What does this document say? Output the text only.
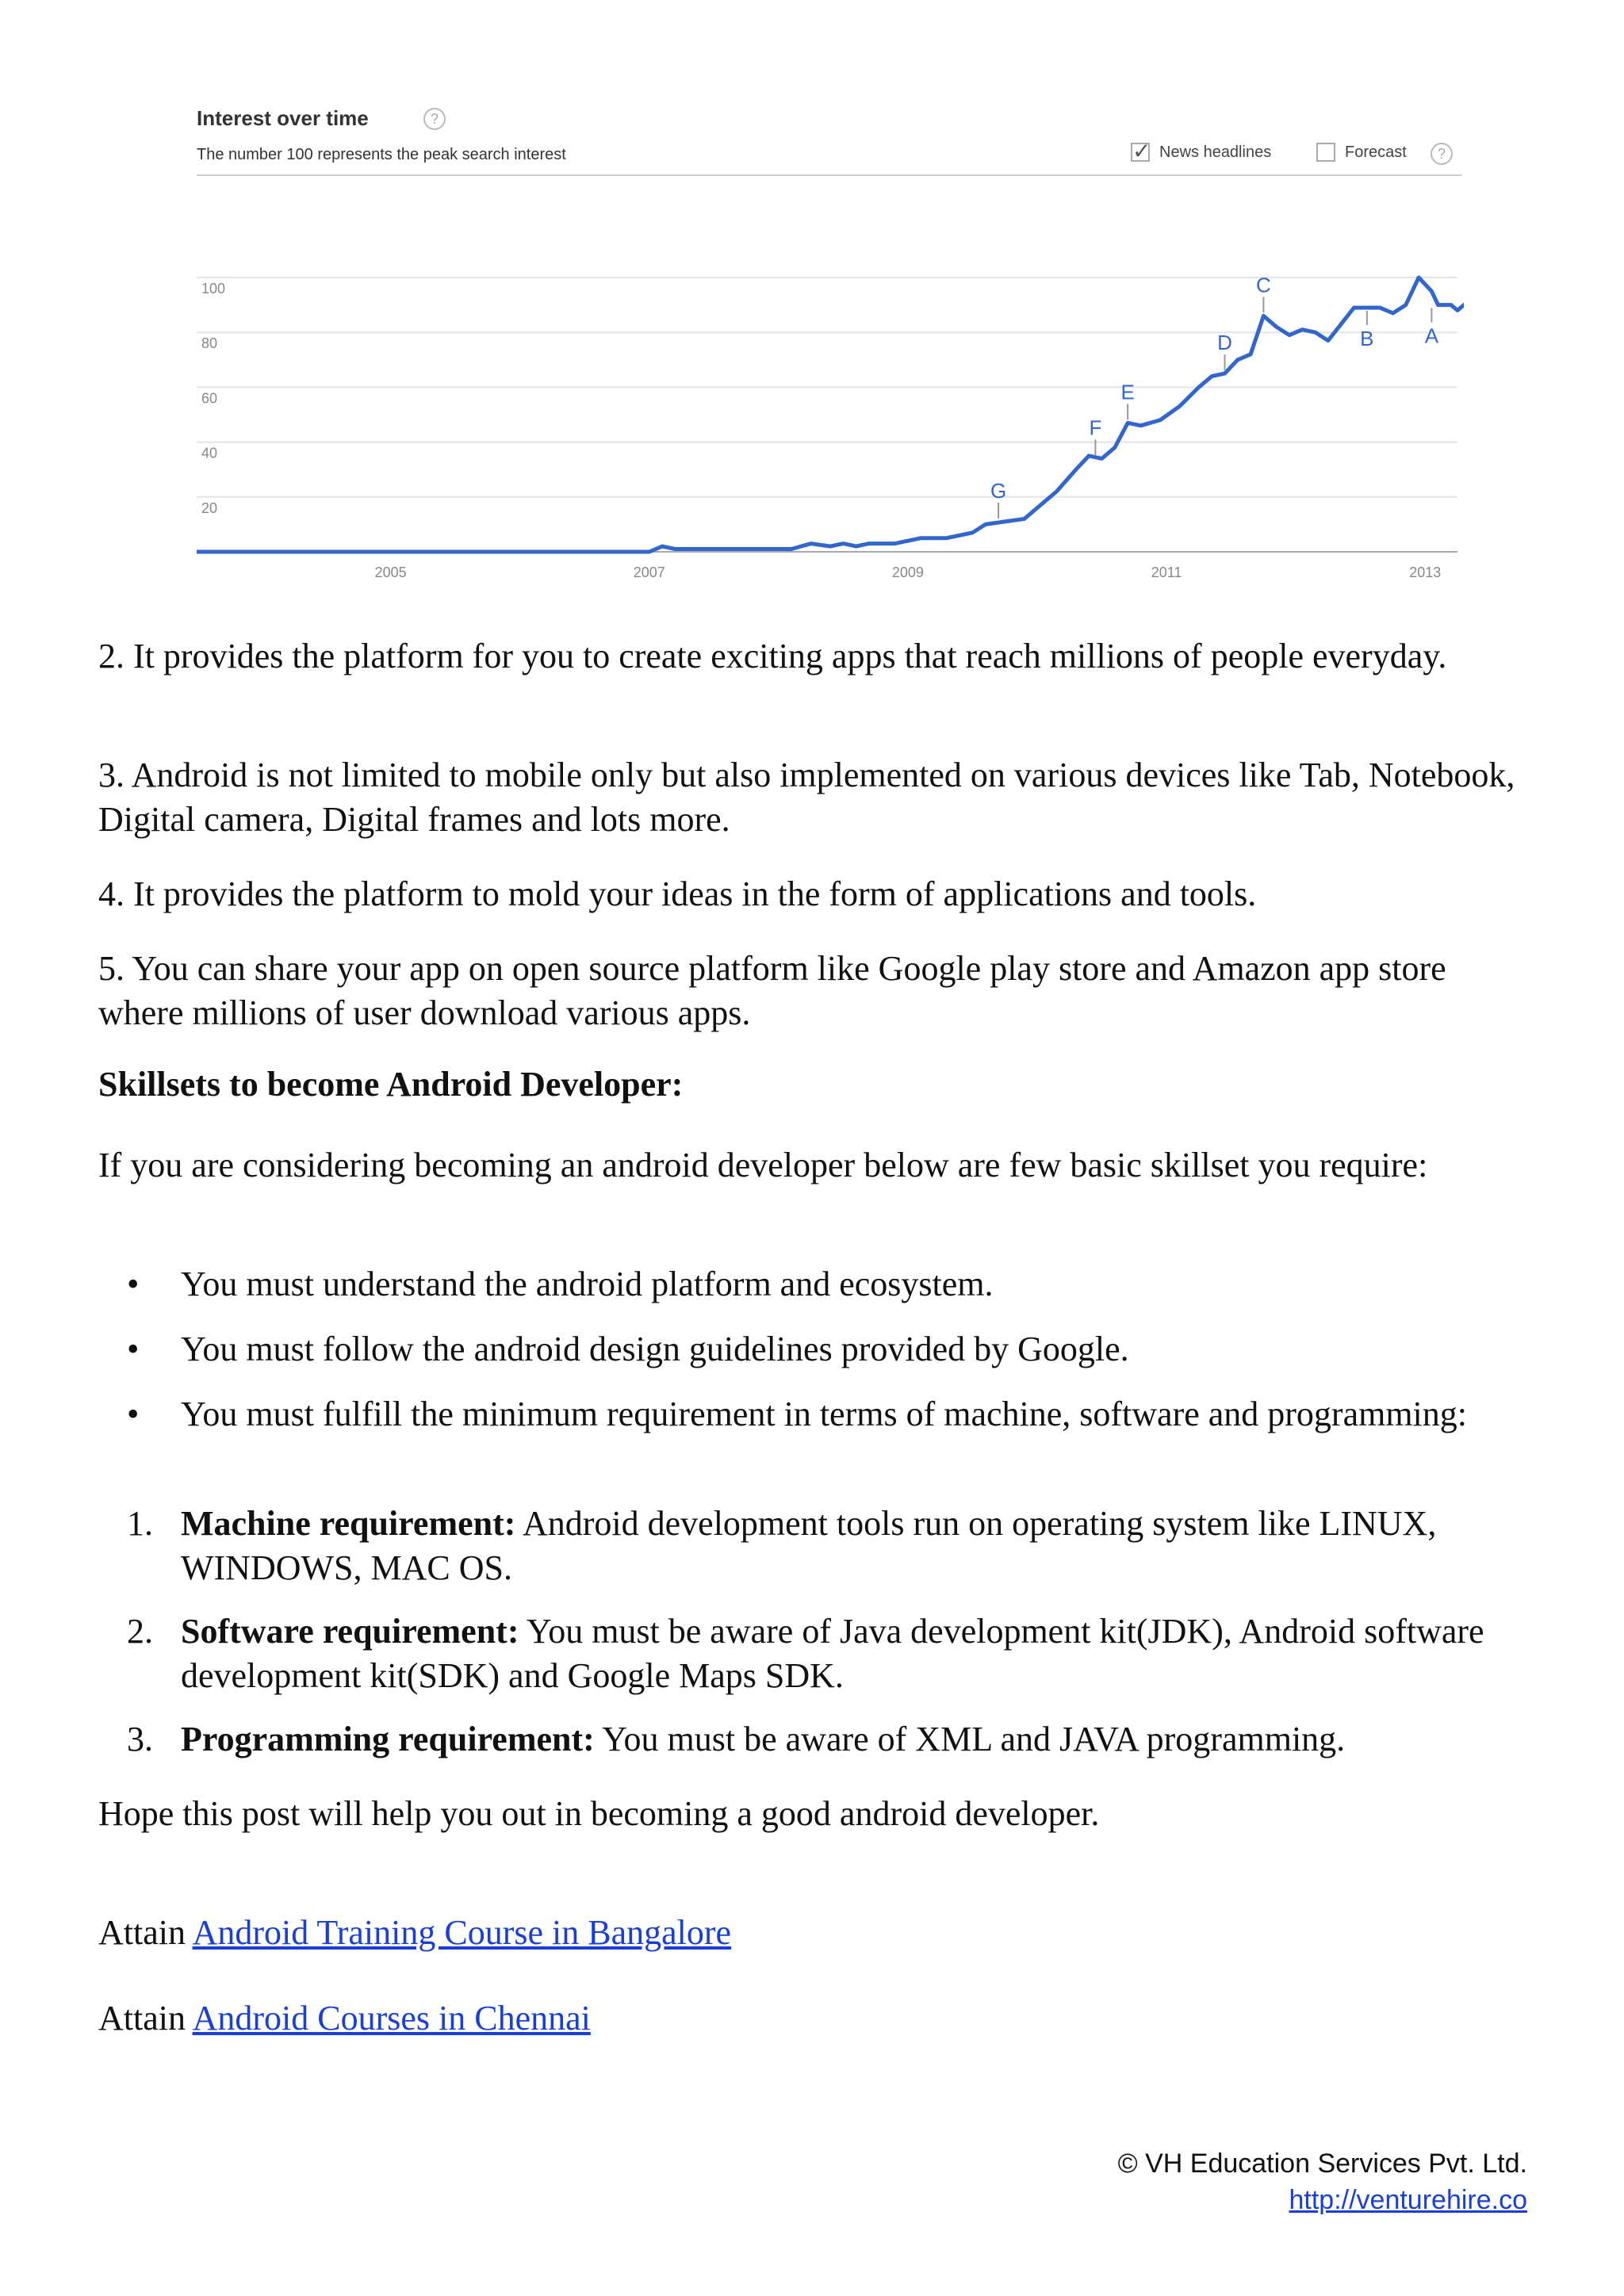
Interest over time	?
The number 100 represents the peak search interest
✓	News headlines	Forecast	?
20
40
60
80
100
2005	2007	2009	2011	2013
G
F
E
D
C
B A

2. It provides the platform for you to create exciting apps that reach millions of people everyday.

3. Android is not limited to mobile only but also implemented on various devices like Tab, Notebook, Digital camera, Digital frames and lots more.

4. It provides the platform to mold your ideas in the form of applications and tools.

5. You can share your app on open source platform like Google play store and Amazon app store where millions of user download various apps.

Skillsets to become Android Developer:

If you are considering becoming an android developer below are few basic skillset you require:

• You must understand the android platform and ecosystem.
• You must follow the android design guidelines provided by Google.
• You must fulfill the minimum requirement in terms of machine, software and programming:
1. Machine requirement: Android development tools run on operating system like LINUX, WINDOWS, MAC OS.
2. Software requirement: You must be aware of Java development kit(JDK), Android software development kit(SDK) and Google Maps SDK.
3. Programming requirement: You must be aware of XML and JAVA programming.

Hope this post will help you out in becoming a good android developer.

Attain Android Training Course in Bangalore

Attain Android Courses in Chennai

© VH Education Services Pvt. Ltd.
http://venturehire.co
